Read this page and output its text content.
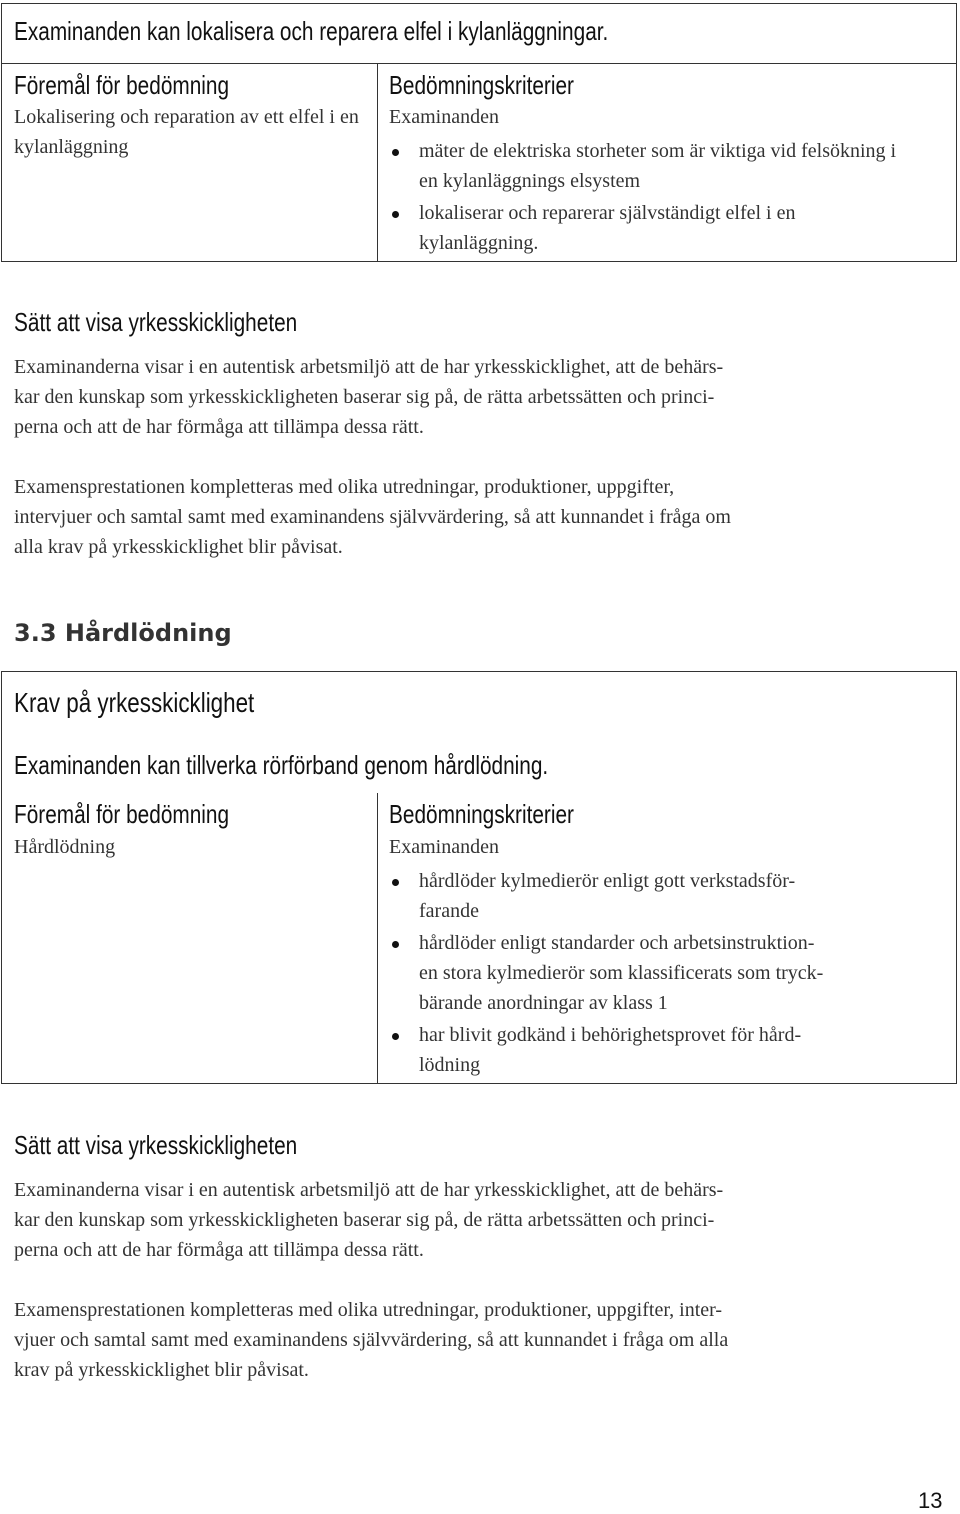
Examinanden kan lokalisera och reparera elfel i kylanläggningar.
Föremål för bedömning
Lokalisering och reparation av ett elfel i en kylanläggning
Bedömningskriterier
Examinanden
mäter de elektriska storheter som är viktiga vid felsökning i en kylanläggnings elsystem
lokaliserar och reparerar självständigt elfel i en kylanläggning.
Sätt att visa yrkesskickligheten
Examinanderna visar i en autentisk arbetsmiljö att de har yrkesskicklighet, att de behärs-
kar den kunskap som yrkesskickligheten baserar sig på, de rätta arbetssätten och princi-
perna och att de har förmåga att tillämpa dessa rätt.
Examensprestationen kompletteras med olika utredningar, produktioner, uppgifter,
intervjuer och samtal samt med examinandens självvärdering, så att kunnandet i fråga om
alla krav på yrkesskicklighet blir påvisat.
3.3 Hårdlödning
Krav på yrkesskicklighet
Examinanden kan tillverka rörförband genom hårdlödning.
Föremål för bedömning
Hårdlödning
Bedömningskriterier
Examinanden
hårdlöder kylmedierör enligt gott verkstadsför-
farande
hårdlöder enligt standarder och arbetsinstruktion-
en stora kylmedierör som klassificerats som tryck-
bärande anordningar av klass 1
har blivit godkänd i behörighetsprovet för hård-
lödning
Sätt att visa yrkesskickligheten
Examinanderna visar i en autentisk arbetsmiljö att de har yrkesskicklighet, att de behärs-
kar den kunskap som yrkesskickligheten baserar sig på, de rätta arbetssätten och princi-
perna och att de har förmåga att tillämpa dessa rätt.
Examensprestationen kompletteras med olika utredningar, produktioner, uppgifter, inter-
vjuer och samtal samt med examinandens självvärdering, så att kunnandet i fråga om alla
krav på yrkesskicklighet blir påvisat.
13
